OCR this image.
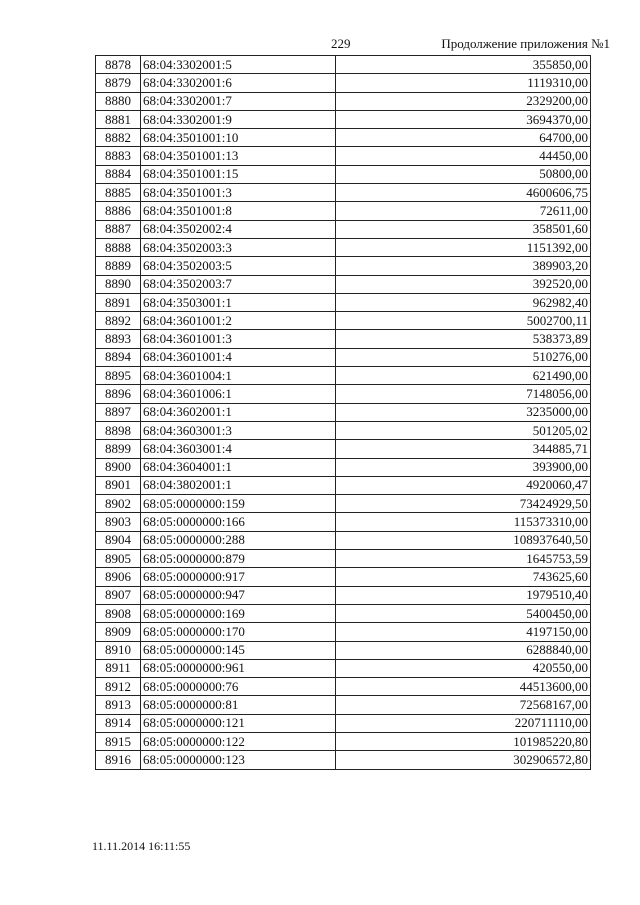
229	Продолжение приложения №1
8878	68:04:3302001:5	355850,00
8879	68:04:3302001:6	1119310,00
8880	68:04:3302001:7	2329200,00
8881	68:04:3302001:9	3694370,00
8882	68:04:3501001:10	64700,00
8883	68:04:3501001:13	44450,00
8884	68:04:3501001:15	50800,00
8885	68:04:3501001:3	4600606,75
8886	68:04:3501001:8	72611,00
8887	68:04:3502002:4	358501,60
8888	68:04:3502003:3	1151392,00
8889	68:04:3502003:5	389903,20
8890	68:04:3502003:7	392520,00
8891	68:04:3503001:1	962982,40
8892	68:04:3601001:2	5002700,11
8893	68:04:3601001:3	538373,89
8894	68:04:3601001:4	510276,00
8895	68:04:3601004:1	621490,00
8896	68:04:3601006:1	7148056,00
8897	68:04:3602001:1	3235000,00
8898	68:04:3603001:3	501205,02
8899	68:04:3603001:4	344885,71
8900	68:04:3604001:1	393900,00
8901	68:04:3802001:1	4920060,47
8902	68:05:0000000:159	73424929,50
8903	68:05:0000000:166	115373310,00
8904	68:05:0000000:288	108937640,50
8905	68:05:0000000:879	1645753,59
8906	68:05:0000000:917	743625,60
8907	68:05:0000000:947	1979510,40
8908	68:05:0000000:169	5400450,00
8909	68:05:0000000:170	4197150,00
8910	68:05:0000000:145	6288840,00
8911	68:05:0000000:961	420550,00
8912	68:05:0000000:76	44513600,00
8913	68:05:0000000:81	72568167,00
8914	68:05:0000000:121	220711110,00
8915	68:05:0000000:122	101985220,80
8916	68:05:0000000:123	302906572,80
11.11.2014 16:11:55
